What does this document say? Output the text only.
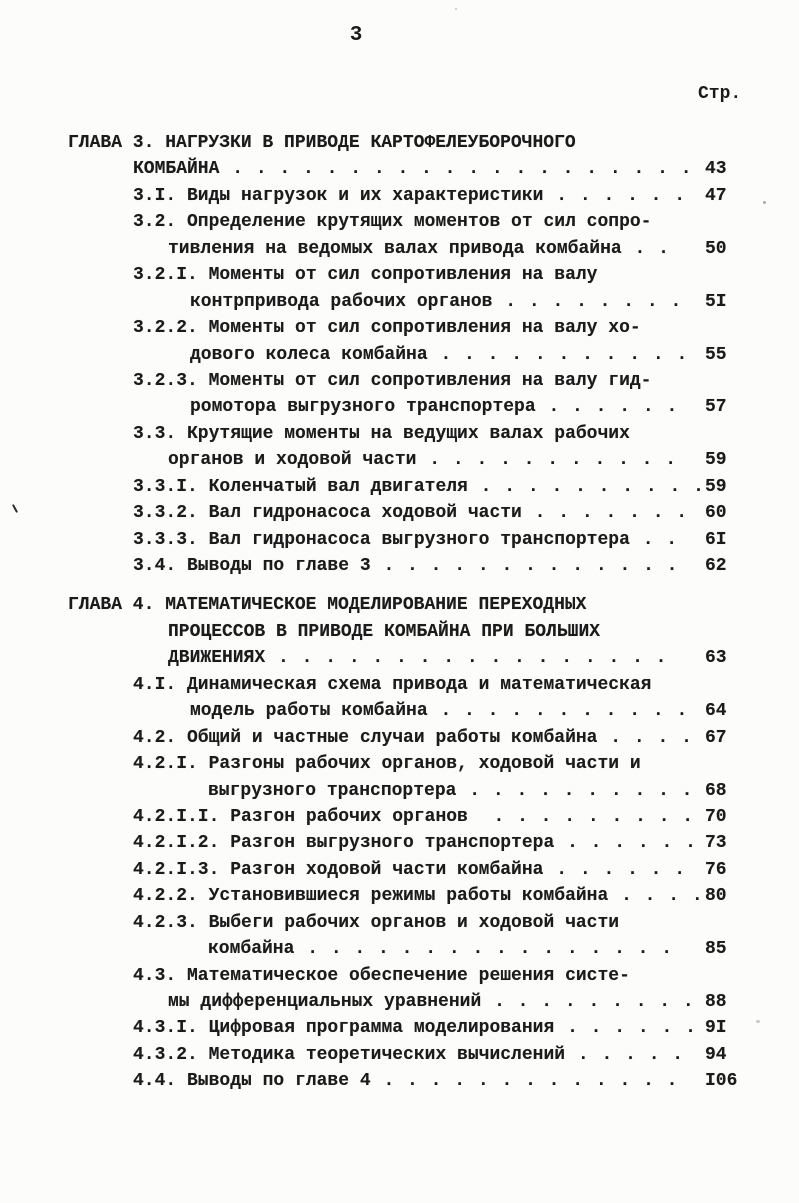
3
Стр.
ГЛАВА 3. НАГРУЗКИ В ПРИВОДЕ КАРТОФЕЛЕУБОРОЧНОГО
КОМБАЙНА . . . . . . . . . . . . . . . . . . . . 43
3.I. Виды нагрузок и их характеристики . . . . . . 47
3.2. Определение крутящих моментов от сил сопро-
тивления на ведомых валах привода комбайна . . 50
3.2.I. Моменты от сил сопротивления на валу
контрпривода рабочих органов . . . . . . . . 5I
3.2.2. Моменты от сил сопротивления на валу хо-
дового колеса комбайна . . . . . . . . . . . 55
3.2.3. Моменты от сил сопротивления на валу гид-
ромотора выгрузного транспортера . . . . . . 57
3.3. Крутящие моменты на ведущих валах рабочих
органов и ходовой части . . . . . . . . . . . 59
3.3.I. Коленчатый вал двигателя . . . . . . . . . . 59
3.3.2. Вал гидронасоса ходовой части . . . . . . . 60
3.3.3. Вал гидронасоса выгрузного транспортера . . 6I
3.4. Выводы по главе 3 . . . . . . . . . . . . . 62
ГЛАВА 4. МАТЕМАТИЧЕСКОЕ МОДЕЛИРОВАНИЕ ПЕРЕХОДНЫХ
ПРОЦЕССОВ В ПРИВОДЕ КОМБАЙНА ПРИ БОЛЬШИХ
ДВИЖЕНИЯХ . . . . . . . . . . . . . . . . . 63
4.I. Динамическая схема привода и математическая
модель работы комбайна . . . . . . . . . . . 64
4.2. Общий и частные случаи работы комбайна . . . . 67
4.2.I. Разгоны рабочих органов, ходовой части и
выгрузного транспортера . . . . . . . . . . 68
4.2.I.I. Разгон рабочих органов  . . . . . . . . . 70
4.2.I.2. Разгон выгрузного транспортера . . . . . . 73
4.2.I.3. Разгон ходовой части комбайна . . . . . . 76
4.2.2. Установившиеся режимы работы комбайна . . . . 80
4.2.3. Выбеги рабочих органов и ходовой части
комбайна . . . . . . . . . . . . . . . . 85
4.3. Математическое обеспечение решения систе-
мы дифференциальных уравнений . . . . . . . . . 88
4.3.I. Цифровая программа моделирования . . . . . . 9I
4.3.2. Методика теоретических вычислений . . . . . 94
4.4. Выводы по главе 4 . . . . . . . . . . . . . I06
